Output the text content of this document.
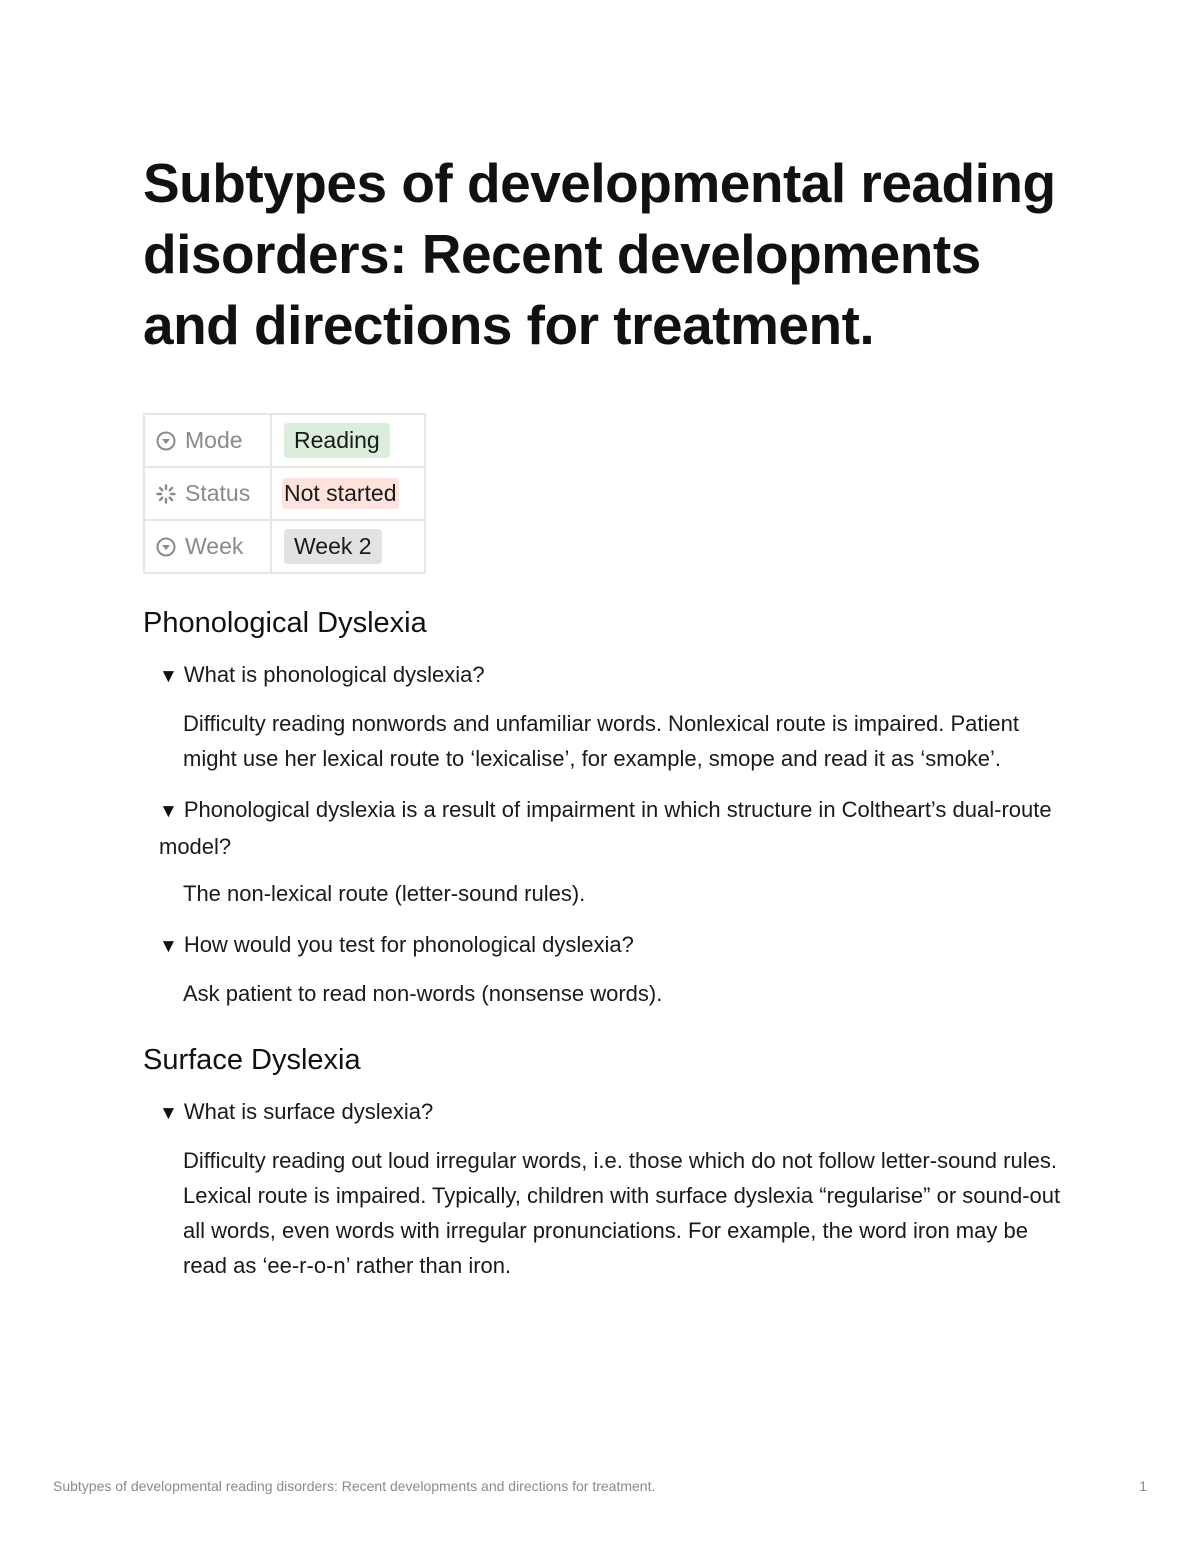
Subtypes of developmental reading disorders: Recent developments and directions for treatment.
Mode	Reading
Status	Not started
Week	Week 2
Phonological Dyslexia
▼ What is phonological dyslexia?
Difficulty reading nonwords and unfamiliar words. Nonlexical route is impaired. Patient might use her lexical route to ‘lexicalise’, for example, smope and read it as ‘smoke’.
▼ Phonological dyslexia is a result of impairment in which structure in Coltheart’s dual-route model?
The non-lexical route (letter-sound rules).
▼ How would you test for phonological dyslexia?
Ask patient to read non-words (nonsense words).
Surface Dyslexia
▼ What is surface dyslexia?
Difficulty reading out loud irregular words, i.e. those which do not follow letter-sound rules. Lexical route is impaired. Typically, children with surface dyslexia “regularise” or sound-out all words, even words with irregular pronunciations. For example, the word iron may be read as ‘ee-r-o-n’ rather than iron.
Subtypes of developmental reading disorders: Recent developments and directions for treatment.	1
